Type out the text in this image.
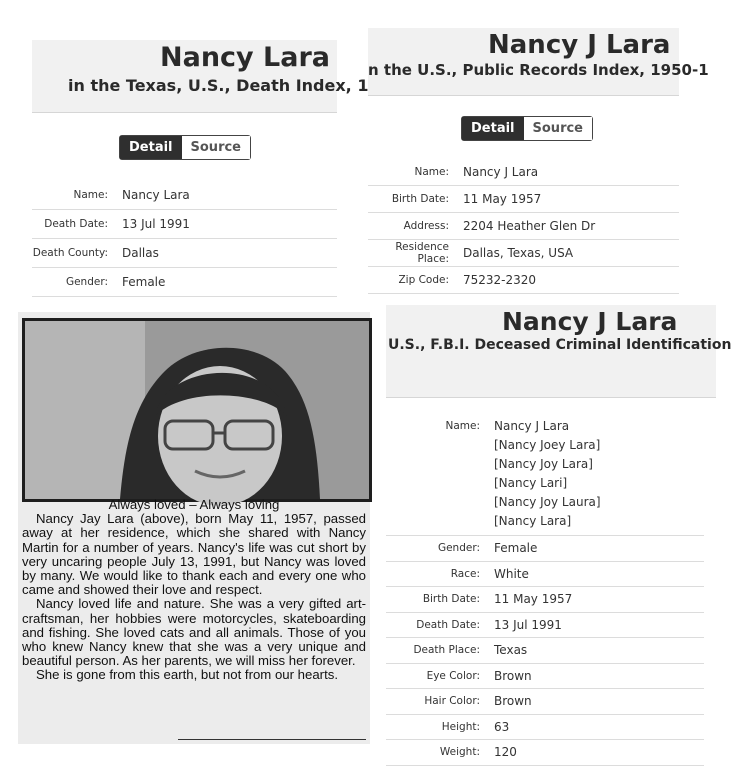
Nancy Lara
in the Texas, U.S., Death Index, 1
Detail	Source
Name:	Nancy Lara
Death Date:	13 Jul 1991
Death County:	Dallas
Gender:	Female
Nancy J Lara
n the U.S., Public Records Index, 1950-1
Detail	Source
Name:	Nancy J Lara
Birth Date:	11 May 1957
Address:	2204 Heather Glen Dr
Residence Place:	Dallas, Texas, USA
Zip Code:	75232-2320
Nancy J Lara
U.S., F.B.I. Deceased Criminal Identification
Name:	Nancy J Lara
[Nancy Joey Lara]
[Nancy Joy Lara]
[Nancy Lari]
[Nancy Joy Laura]
[Nancy Lara]
Gender:	Female
Race:	White
Birth Date:	11 May 1957
Death Date:	13 Jul 1991
Death Place:	Texas
Eye Color:	Brown
Hair Color:	Brown
Height:	63
Weight:	120
Always loved – Always loving

Nancy Jay Lara (above), born May 11, 1957, passed away at her residence, which she shared with Nancy Martin for a number of years. Nancy's life was cut short by very uncaring people July 13, 1991, but Nancy was loved by many. We would like to thank each and every one who came and showed their love and respect.

Nancy loved life and nature. She was a very gifted art-craftsman, her hobbies were motorcycles, skateboarding and fishing. She loved cats and all animals. Those of you who knew Nancy knew that she was a very unique and beautiful person. As her parents, we will miss her forever.

She is gone from this earth, but not from our hearts.
